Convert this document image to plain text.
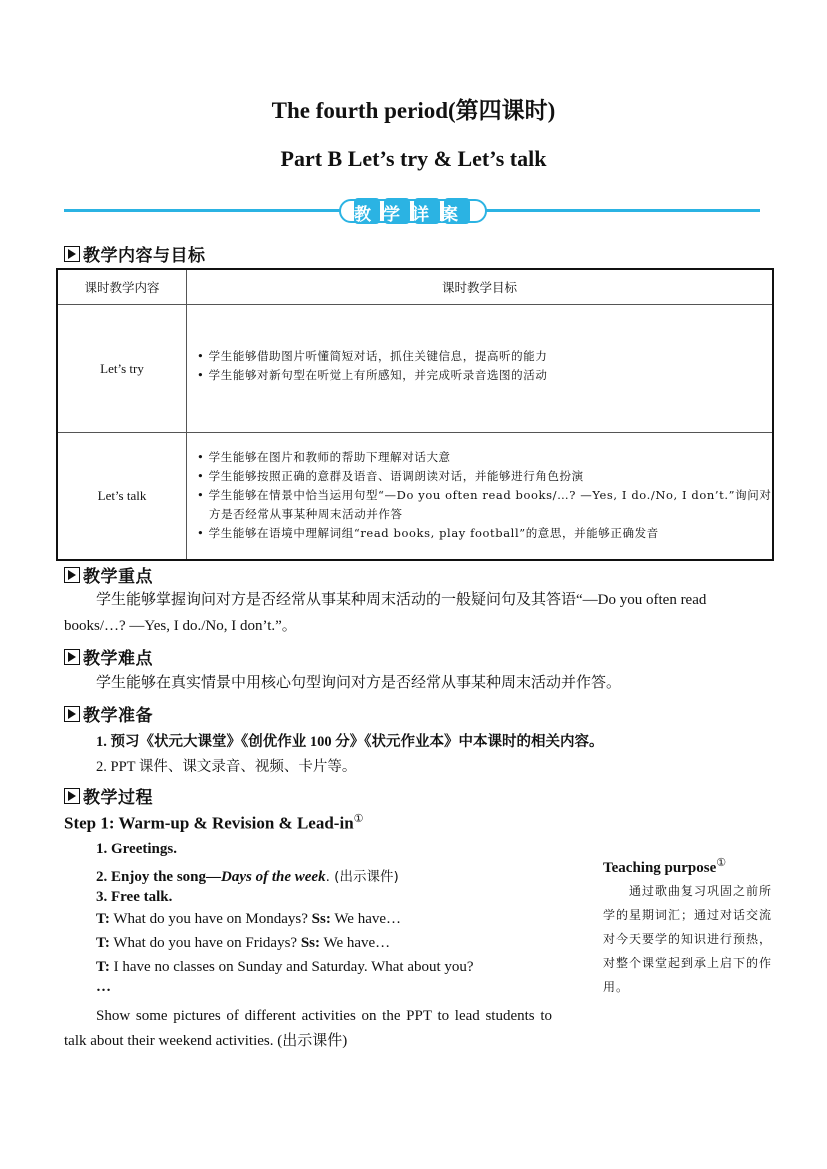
The fourth period(第四课时)
Part B Let’s try & Let’s talk
教学详案
教学内容与目标
课时教学内容	课时教学目标
Let’s try	• 学生能够借助图片听懂简短对话，抓住关键信息，提高听的能力
• 学生能够对新句型在听觉上有所感知，并完成听录音选图的活动

Let’s talk	• 学生能够在图片和教师的帮助下理解对话大意
• 学生能够按照正确的意群及语音、语调朗读对话，并能够进行角色扮演
• 学生能够在情景中恰当运用句型“—Do you often read books/…? —Yes, I do./No, I don’t.”询问对方是否经常从事某种周末活动并作答
• 学生能够在语境中理解词组“read books, play football”的意思，并能够正确发音
教学重点
学生能够掌握询问对方是否经常从事某种周末活动的一般疑问句及其答语“—Do you often read books/…? —Yes, I do./No, I don’t.”。
教学难点
学生能够在真实情景中用核心句型询问对方是否经常从事某种周末活动并作答。
教学准备
1. 预习《状元大课堂》《创优作业 100 分》《状元作业本》中本课时的相关内容。
2. PPT 课件、课文录音、视频、卡片等。
教学过程
Step 1: Warm-up & Revision & Lead-in①
1. Greetings.
2. Enjoy the song—Days of the week. (出示课件)
3. Free talk.
T: What do you have on Mondays? Ss: We have…
T: What do you have on Fridays? Ss: We have…
T: I have no classes on Sunday and Saturday. What about you?
…
Show some pictures of different activities on the PPT to lead students to talk about their weekend activities. (出示课件)
Teaching purpose①
通过歌曲复习巩固之前所学的星期词汇；通过对话交流对今天要学的知识进行预热，对整个课堂起到承上启下的作用。
